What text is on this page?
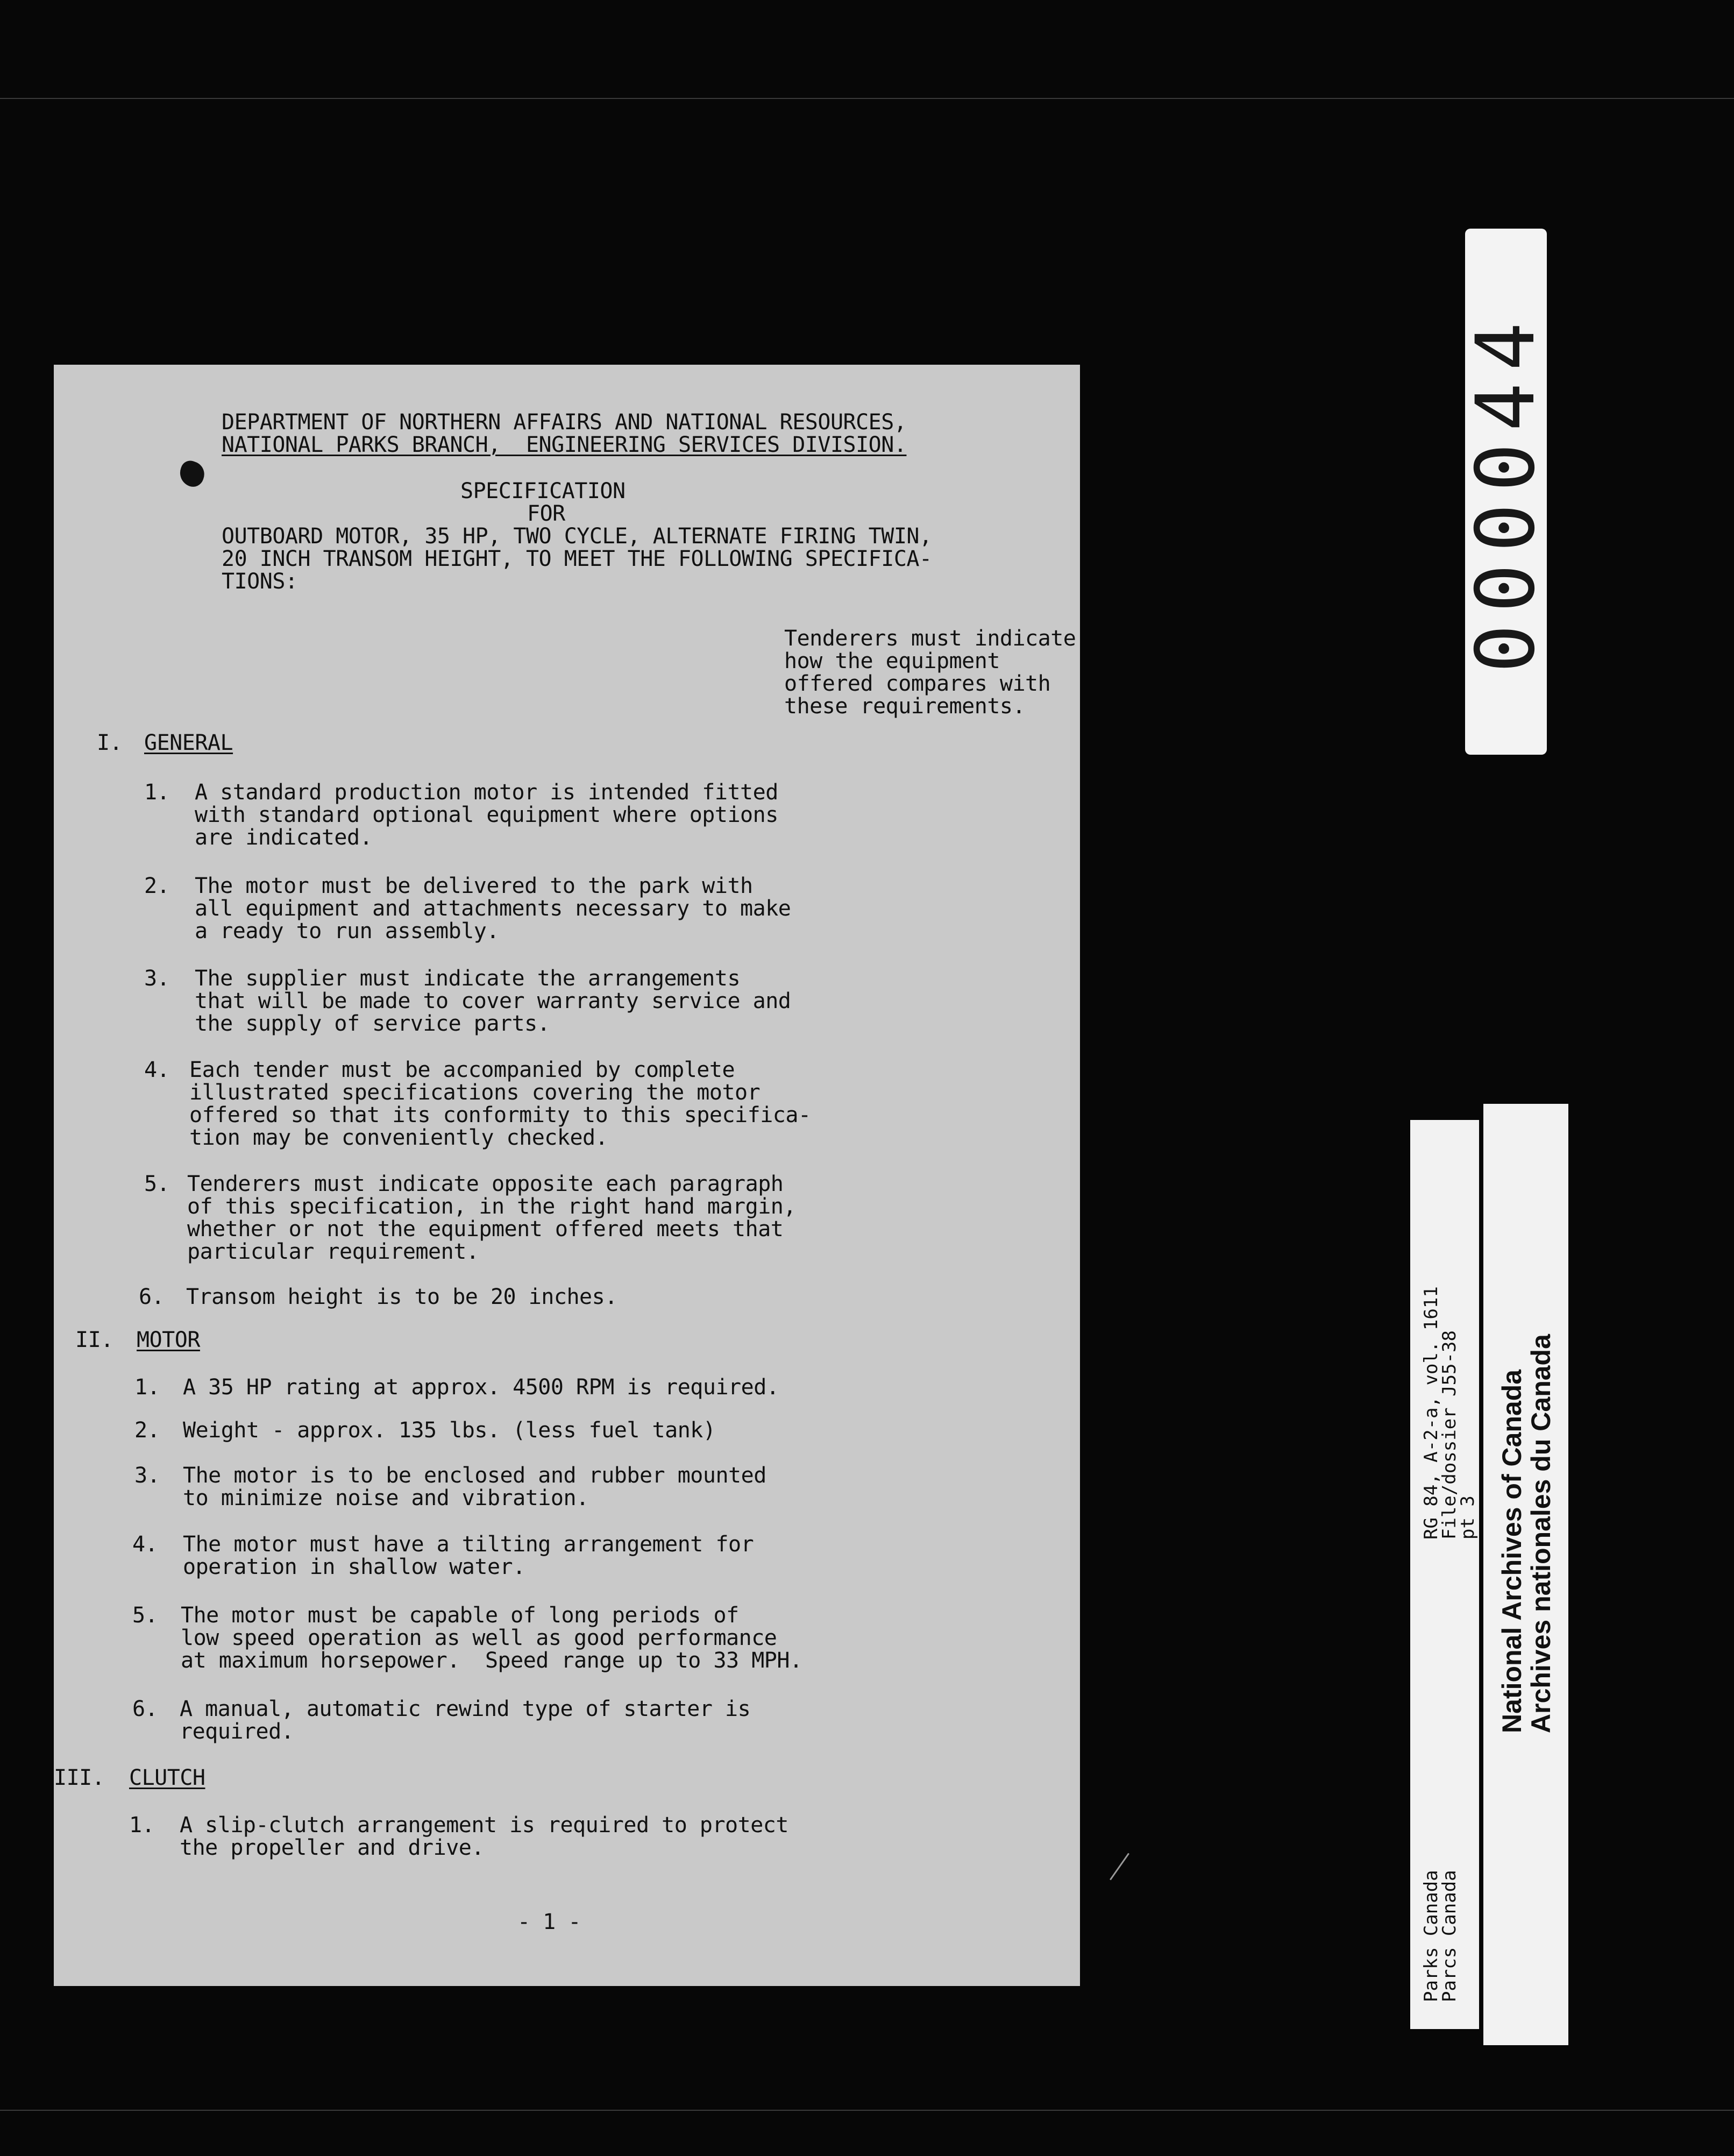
DEPARTMENT OF NORTHERN AFFAIRS AND NATIONAL RESOURCES,
NATIONAL PARKS BRANCH,  ENGINEERING SERVICES DIVISION.
SPECIFICATION
FOR
OUTBOARD MOTOR, 35 HP, TWO CYCLE, ALTERNATE FIRING TWIN,
20 INCH TRANSOM HEIGHT, TO MEET THE FOLLOWING SPECIFICA-
TIONS:
Tenderers must indicate
how the equipment
offered compares with
these requirements.
I. GENERAL
1. A standard production motor is intended fitted
with standard optional equipment where options
are indicated.
2. The motor must be delivered to the park with
all equipment and attachments necessary to make
a ready to run assembly.
3. The supplier must indicate the arrangements
that will be made to cover warranty service and
the supply of service parts.
4. Each tender must be accompanied by complete
illustrated specifications covering the motor
offered so that its conformity to this specifica-
tion may be conveniently checked.
5. Tenderers must indicate opposite each paragraph
of this specification, in the right hand margin,
whether or not the equipment offered meets that
particular requirement.
6. Transom height is to be 20 inches.
II. MOTOR
1. A 35 HP rating at approx. 4500 RPM is required.
2. Weight - approx. 135 lbs. (less fuel tank)
3. The motor is to be enclosed and rubber mounted
to minimize noise and vibration.
4. The motor must have a tilting arrangement for
operation in shallow water.
5. The motor must be capable of long periods of
low speed operation as well as good performance
at maximum horsepower.  Speed range up to 33 MPH.
6. A manual, automatic rewind type of starter is
required.
III. CLUTCH
1. A slip-clutch arrangement is required to protect
the propeller and drive.
- 1 -
000044
RG 84, A-2-a, vol. 1611
File/dossier J55-38
pt 3
Parks Canada
Parcs Canada
National Archives of Canada
Archives nationales du Canada
